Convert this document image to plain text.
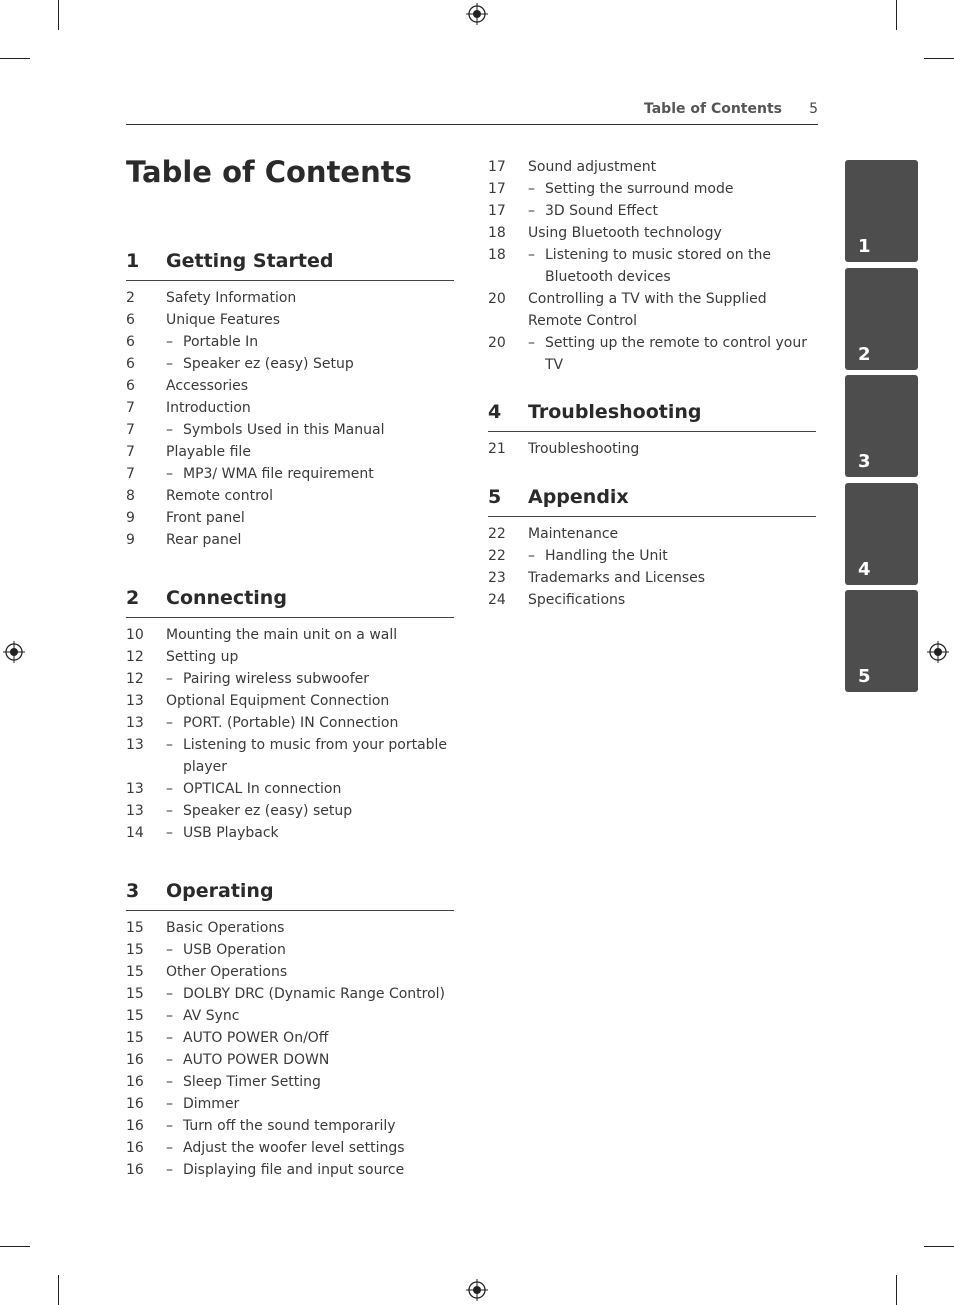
Table of Contents 5
Table of Contents
1 Getting Started
2 Safety Information
6 Unique Features
6 – Portable In
6 – Speaker ez (easy) Setup
6 Accessories
7 Introduction
7 – Symbols Used in this Manual
7 Playable file
7 – MP3/ WMA file requirement
8 Remote control
9 Front panel
9 Rear panel
2 Connecting
10 Mounting the main unit on a wall
12 Setting up
12 – Pairing wireless subwoofer
13 Optional Equipment Connection
13 – PORT. (Portable) IN Connection
13 – Listening to music from your portable player
13 – OPTICAL In connection
13 – Speaker ez (easy) setup
14 – USB Playback
3 Operating
15 Basic Operations
15 – USB Operation
15 Other Operations
15 – DOLBY DRC (Dynamic Range Control)
15 – AV Sync
15 – AUTO POWER On/Off
16 – AUTO POWER DOWN
16 – Sleep Timer Setting
16 – Dimmer
16 – Turn off the sound temporarily
16 – Adjust the woofer level settings
16 – Displaying file and input source
17 Sound adjustment
17 – Setting the surround mode
17 – 3D Sound Effect
18 Using Bluetooth technology
18 – Listening to music stored on the Bluetooth devices
20 Controlling a TV with the Supplied Remote Control
20 – Setting up the remote to control your TV
4 Troubleshooting
21 Troubleshooting
5 Appendix
22 Maintenance
22 – Handling the Unit
23 Trademarks and Licenses
24 Specifications
1
2
3
4
5
